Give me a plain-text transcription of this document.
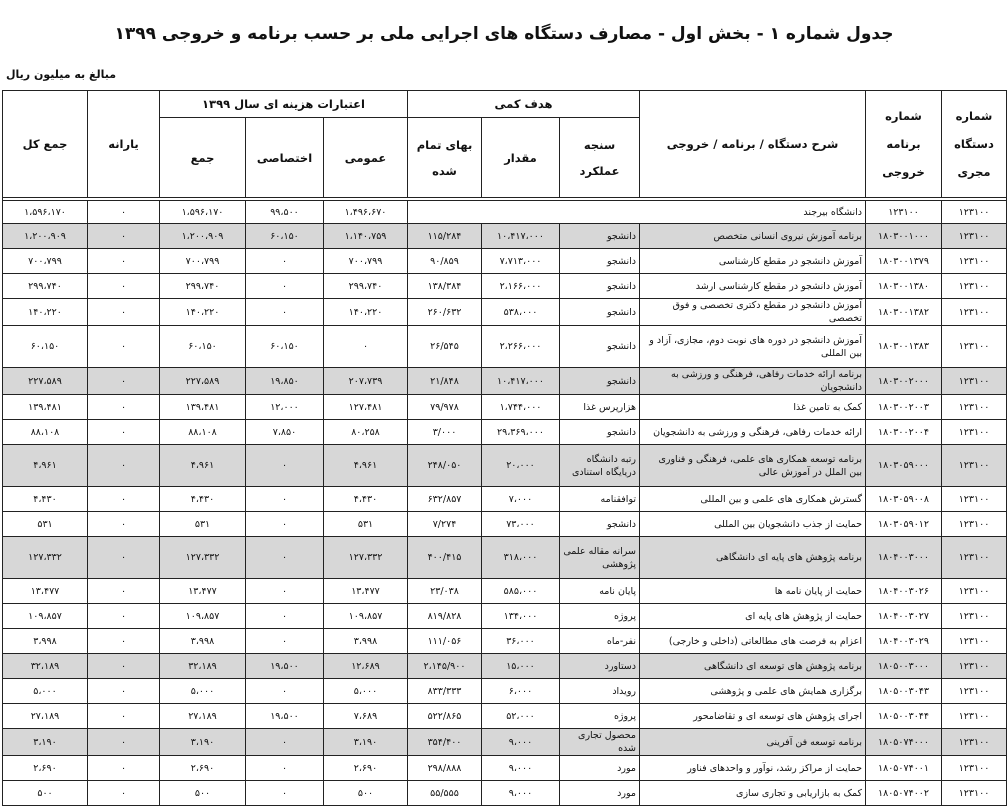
جدول شماره ۱ - بخش اول - مصارف دستگاه های اجرایی ملی بر حسب برنامه و خروجی ۱۳۹۹
مبالغ به میلیون ریال
شماره دستگاه مجری	شماره برنامه خروجی	شرح دستگاه / برنامه / خروجی	هدف کمی			اعتبارات هزینه ای سال ۱۳۹۹			یارانه	جمع کل
			سنجه عملکرد	مقدار	بهای تمام شده	عمومی	اختصاصی	جمع		

۱۲۳۱۰۰	۱۲۳۱۰۰	دانشگاه بیرجند				۱،۴۹۶،۶۷۰	۹۹،۵۰۰	۱،۵۹۶،۱۷۰	۰	۱،۵۹۶،۱۷۰
۱۲۳۱۰۰	۱۸۰۳۰۰۱۰۰۰	برنامه آموزش نیروی انسانی متخصص	دانشجو	۱۰،۴۱۷،۰۰۰	۱۱۵/۲۸۴	۱،۱۴۰،۷۵۹	۶۰،۱۵۰	۱،۲۰۰،۹۰۹	۰	۱،۲۰۰،۹۰۹
۱۲۳۱۰۰	۱۸۰۳۰۰۱۳۷۹	آموزش دانشجو در مقطع کارشناسی	دانشجو	۷،۷۱۳،۰۰۰	۹۰/۸۵۹	۷۰۰،۷۹۹	۰	۷۰۰،۷۹۹	۰	۷۰۰،۷۹۹
۱۲۳۱۰۰	۱۸۰۳۰۰۱۳۸۰	آموزش دانشجو در مقطع کارشناسی ارشد	دانشجو	۲،۱۶۶،۰۰۰	۱۳۸/۳۸۴	۲۹۹،۷۴۰	۰	۲۹۹،۷۴۰	۰	۲۹۹،۷۴۰
۱۲۳۱۰۰	۱۸۰۳۰۰۱۳۸۲	آموزش دانشجو در مقطع دکتری تخصصی و فوق تخصصی	دانشجو	۵۳۸،۰۰۰	۲۶۰/۶۳۲	۱۴۰،۲۲۰	۰	۱۴۰،۲۲۰	۰	۱۴۰،۲۲۰
۱۲۳۱۰۰	۱۸۰۳۰۰۱۳۸۳	آموزش دانشجو در دوره های نوبت دوم، مجازی، آزاد و بین المللی	دانشجو	۲،۲۶۶،۰۰۰	۲۶/۵۴۵	۰	۶۰،۱۵۰	۶۰،۱۵۰	۰	۶۰،۱۵۰
۱۲۳۱۰۰	۱۸۰۳۰۰۲۰۰۰	برنامه ارائه خدمات رفاهی، فرهنگی و ورزشی به دانشجویان	دانشجو	۱۰،۴۱۷،۰۰۰	۲۱/۸۴۸	۲۰۷،۷۳۹	۱۹،۸۵۰	۲۲۷،۵۸۹	۰	۲۲۷،۵۸۹
۱۲۳۱۰۰	۱۸۰۳۰۰۲۰۰۳	کمک به تامین غذا	هزارپرس غذا	۱،۷۴۴،۰۰۰	۷۹/۹۷۸	۱۲۷،۴۸۱	۱۲،۰۰۰	۱۳۹،۴۸۱	۰	۱۳۹،۴۸۱
۱۲۳۱۰۰	۱۸۰۳۰۰۲۰۰۴	ارائه خدمات رفاهی، فرهنگی و ورزشی به دانشجویان	دانشجو	۲۹،۳۶۹،۰۰۰	۳/۰۰۰	۸۰،۲۵۸	۷،۸۵۰	۸۸،۱۰۸	۰	۸۸،۱۰۸
۱۲۳۱۰۰	۱۸۰۳۰۵۹۰۰۰	برنامه توسعه همکاری های علمی، فرهنگی و فناوری بین الملل در آموزش عالی	رتبه دانشگاه دریایگاه استنادی	۲۰،۰۰۰	۲۴۸/۰۵۰	۴،۹۶۱	۰	۴،۹۶۱	۰	۴،۹۶۱
۱۲۳۱۰۰	۱۸۰۳۰۵۹۰۰۸	گسترش همکاری های علمی و بین المللی	توافقنامه	۷،۰۰۰	۶۳۲/۸۵۷	۴،۴۳۰	۰	۴،۴۳۰	۰	۴،۴۳۰
۱۲۳۱۰۰	۱۸۰۳۰۵۹۰۱۲	حمایت از جذب دانشجویان بین المللی	دانشجو	۷۳،۰۰۰	۷/۲۷۴	۵۳۱	۰	۵۳۱	۰	۵۳۱
۱۲۳۱۰۰	۱۸۰۴۰۰۳۰۰۰	برنامه پژوهش های پایه ای دانشگاهی	سرانه مقاله علمی پژوهشی	۳۱۸،۰۰۰	۴۰۰/۴۱۵	۱۲۷،۳۳۲	۰	۱۲۷،۳۳۲	۰	۱۲۷،۳۳۲
۱۲۳۱۰۰	۱۸۰۴۰۰۳۰۲۶	حمایت از پایان نامه ها	پایان نامه	۵۸۵،۰۰۰	۲۳/۰۳۸	۱۳،۴۷۷	۰	۱۳،۴۷۷	۰	۱۳،۴۷۷
۱۲۳۱۰۰	۱۸۰۴۰۰۳۰۲۷	حمایت از پژوهش های پایه ای	پروژه	۱۳۴،۰۰۰	۸۱۹/۸۲۸	۱۰۹،۸۵۷	۰	۱۰۹،۸۵۷	۰	۱۰۹،۸۵۷
۱۲۳۱۰۰	۱۸۰۴۰۰۳۰۲۹	اعزام به فرصت های مطالعاتی (داخلی و خارجی)	نفر-ماه	۳۶،۰۰۰	۱۱۱/۰۵۶	۳،۹۹۸	۰	۳،۹۹۸	۰	۳،۹۹۸
۱۲۳۱۰۰	۱۸۰۵۰۰۳۰۰۰	برنامه پژوهش های توسعه ای دانشگاهی	دستاورد	۱۵،۰۰۰	۲،۱۴۵/۹۰۰	۱۲،۶۸۹	۱۹،۵۰۰	۳۲،۱۸۹	۰	۳۲،۱۸۹
۱۲۳۱۰۰	۱۸۰۵۰۰۳۰۴۳	برگزاری همایش های علمی و پژوهشی	رویداد	۶،۰۰۰	۸۳۳/۳۳۳	۵،۰۰۰	۰	۵،۰۰۰	۰	۵،۰۰۰
۱۲۳۱۰۰	۱۸۰۵۰۰۳۰۴۴	اجرای پژوهش های توسعه ای و تقاضامحور	پروژه	۵۲،۰۰۰	۵۲۲/۸۶۵	۷،۶۸۹	۱۹،۵۰۰	۲۷،۱۸۹	۰	۲۷،۱۸۹
۱۲۳۱۰۰	۱۸۰۵۰۷۴۰۰۰	برنامه توسعه فن آفرینی	محصول تجاری شده	۹،۰۰۰	۳۵۴/۴۰۰	۳،۱۹۰	۰	۳،۱۹۰	۰	۳،۱۹۰
۱۲۳۱۰۰	۱۸۰۵۰۷۴۰۰۱	حمایت از مراکز رشد، نوآور و واحدهای فناور	مورد	۹،۰۰۰	۲۹۸/۸۸۸	۲،۶۹۰	۰	۲،۶۹۰	۰	۲،۶۹۰
۱۲۳۱۰۰	۱۸۰۵۰۷۴۰۰۲	کمک به بازاریابی و تجاری سازی	مورد	۹،۰۰۰	۵۵/۵۵۵	۵۰۰	۰	۵۰۰	۰	۵۰۰
